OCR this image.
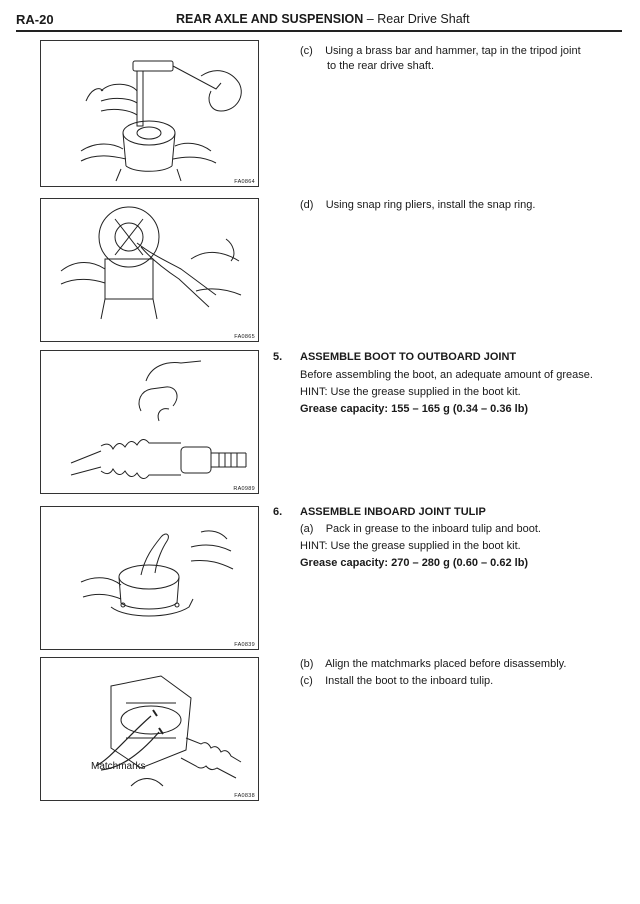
RA-20	REAR AXLE AND SUSPENSION – Rear Drive Shaft
FA0864
FA0865
RA0989
FA0839
Matchmarks
FA0838
(c) Using a brass bar and hammer, tap in the tripod joint
to the rear drive shaft.
(d) Using snap ring pliers, install the snap ring.
5. ASSEMBLE BOOT TO OUTBOARD JOINT
Before assembling the boot, an adequate amount of grease.
HINT: Use the grease supplied in the boot kit.
Grease capacity: 155 – 165 g (0.34 – 0.36 lb)
6. ASSEMBLE INBOARD JOINT TULIP
(a) Pack in grease to the inboard tulip and boot.
HINT: Use the grease supplied in the boot kit.
Grease capacity: 270 – 280 g (0.60 – 0.62 lb)
(b) Align the matchmarks placed before disassembly.
(c) Install the boot to the inboard tulip.
